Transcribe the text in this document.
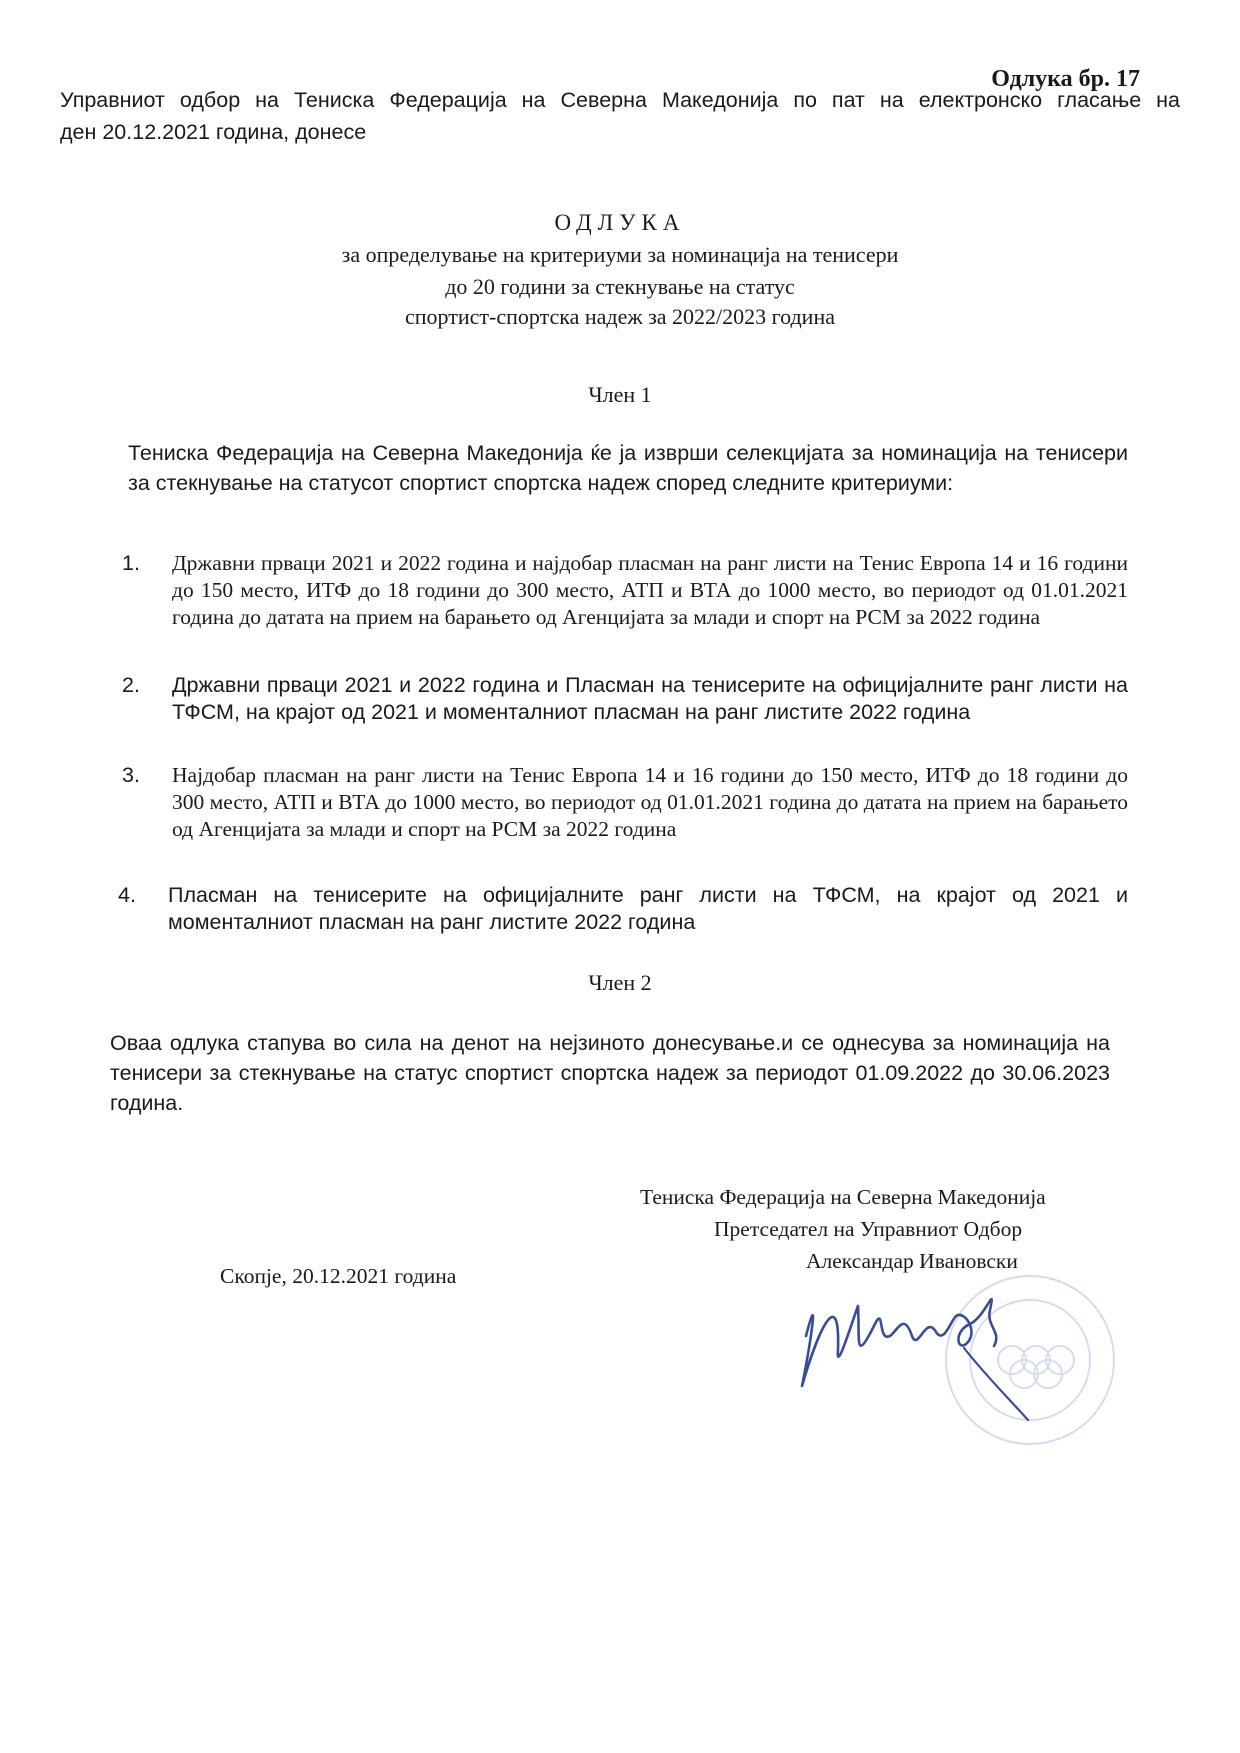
Одлука бр. 17
Управниот одбор на Тениска Федерација на Северна Македонија по пат на електронско гласање на
ден 20.12.2021 година, донесе
ОДЛУКА
за определување на критериуми за номинација на тенисери
до 20 години за стекнување на статус
спортист-спортска надеж за 2022/2023 година
Член 1
Тениска Федерација на Северна Македонија ќе ја изврши селекцијата за номинација на тенисери за стекнување на статусот спортист спортска надеж според следните критериуми:
1.	Државни прваци 2021 и 2022 година и најдобар пласман на ранг листи на Тенис Европа 14 и 16 години до 150 место, ИТФ до 18 години до 300 место, АТП и ВТА до 1000 место, во периодот од 01.01.2021 година до датата на прием на барањето од Агенцијата за млади и спорт на РСМ за 2022 година
2.	Државни прваци 2021 и 2022 година и Пласман на тенисерите на официјалните ранг листи на ТФСМ, на крајот од 2021 и моменталниот пласман на ранг листите 2022 година
3.	Најдобар пласман на ранг листи на Тенис Европа 14 и 16 години до 150 место, ИТФ до 18 години до 300 место, АТП и ВТА до 1000 место, во периодот од 01.01.2021 година до датата на прием на барањето од Агенцијата за млади и спорт на РСМ за 2022 година
4.	Пласман на тенисерите на официјалните ранг листи на ТФСМ, на крајот од 2021 и моменталниот пласман на ранг листите 2022 година
Член 2
Оваа одлука стапува во сила на денот на нејзиното донесување.и се однесува за номинација на тенисери за стекнување на статус спортист спортска надеж за периодот 01.09.2022 до 30.06.2023 година.
Тениска Федерација на Северна Македонија
Претседател на Управниот Одбор
Александар Ивановски
Скопје, 20.12.2021 година
